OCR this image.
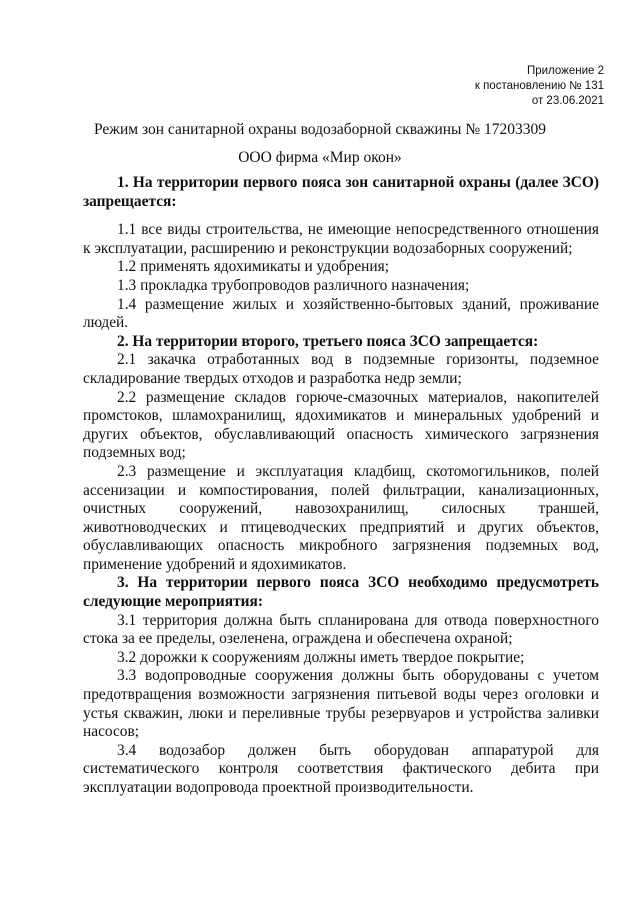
Приложение 2
к постановлению № 131
от 23.06.2021
Режим зон санитарной охраны водозаборной скважины № 17203309
ООО фирма «Мир окон»

1. На территории первого пояса зон санитарной охраны (далее ЗСО) запрещается:

1.1 все виды строительства, не имеющие непосредственного отношения к эксплуатации, расширению и реконструкции водозаборных сооружений;

1.2 применять ядохимикаты и удобрения;

1.3 прокладка трубопроводов различного назначения;

1.4 размещение жилых и хозяйственно-бытовых зданий, проживание людей.

2. На территории второго, третьего пояса ЗСО запрещается:

2.1 закачка отработанных вод в подземные горизонты, подземное складирование твердых отходов и разработка недр земли;

2.2 размещение складов горюче-смазочных материалов, накопителей промстоков, шламохранилищ, ядохимикатов и минеральных удобрений и других объектов, обуславливающий опасность химического загрязнения подземных вод;

2.3 размещение и эксплуатация кладбищ, скотомогильников, полей ассенизации и компостирования, полей фильтрации, канализационных, очистных сооружений, навозохранилищ, силосных траншей, животноводческих и птицеводческих предприятий и других объектов, обуславливающих опасность микробного загрязнения подземных вод, применение удобрений и ядохимикатов.

3. На территории первого пояса ЗСО необходимо предусмотреть следующие мероприятия:

3.1 территория должна быть спланирована для отвода поверхностного стока за ее пределы, озеленена, ограждена и обеспечена охраной;

3.2 дорожки к сооружениям должны иметь твердое покрытие;

3.3 водопроводные сооружения должны быть оборудованы с учетом предотвращения возможности загрязнения питьевой воды через оголовки и устья скважин, люки и переливные трубы резервуаров и устройства заливки насосов;

3.4 водозабор должен быть оборудован аппаратурой для систематического контроля соответствия фактического дебита при эксплуатации водопровода проектной производительности.
